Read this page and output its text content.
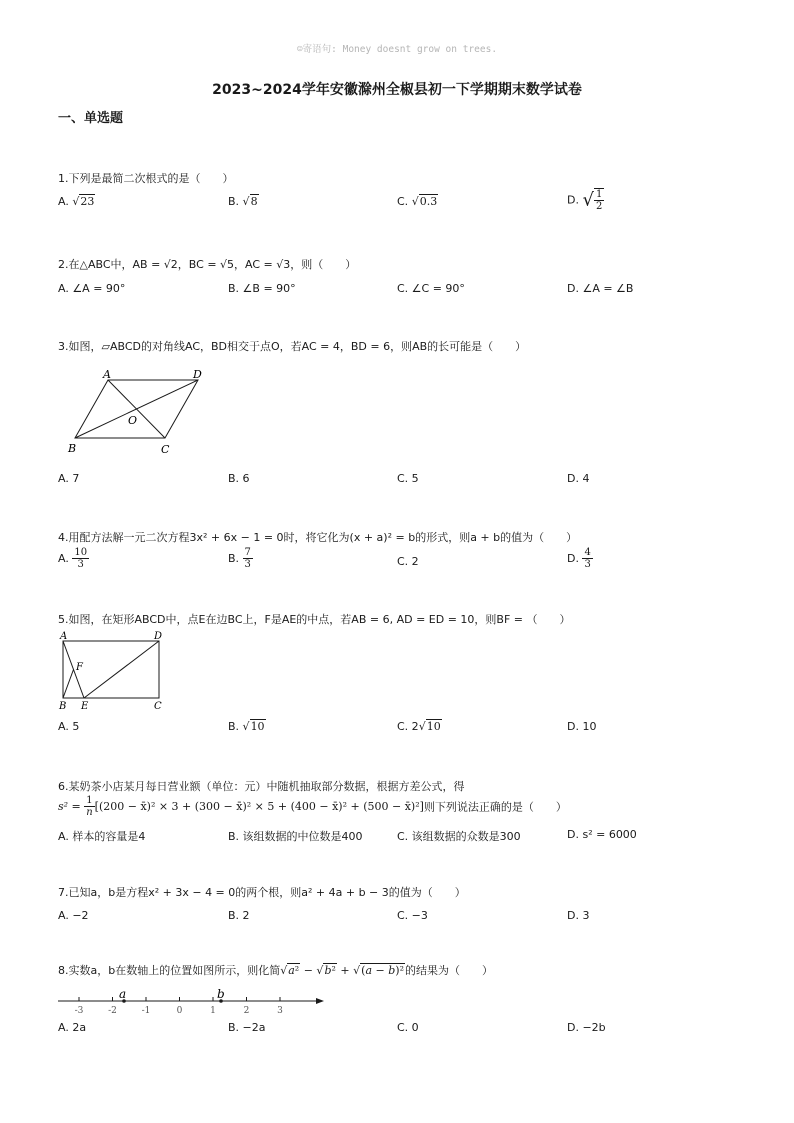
☺寄语句: Money doesnt grow on trees.
2023~2024学年安徽滁州全椒县初一下学期期末数学试卷
一、单选题
1.下列是最简二次根式的是（　　）
A. √23	B. √8	C. √0.3	D. √ $\frac{1}{2}$
2.在△ABC中，AB = √2，BC = √5，AC = √3，则（　　）
A. ∠A = 90°	B. ∠B = 90°	C. ∠C = 90°	D. ∠A = ∠B
3.如图，▱ABCD的对角线AC，BD相交于点O，若AC = 4，BD = 6，则AB的长可能是（　　）
A	D
B	C
O
A. 7	B. 6	C. 5	D. 4
4.用配方法解一元二次方程3x² + 6x − 1 = 0时，将它化为(x + a)² = b的形式，则a + b的值为（　　）
A. $\frac{10}{3}$	B. $\frac{7}{3}$	C. 2	D. $\frac{4}{3}$
5.如图，在矩形ABCD中，点E在边BC上，F是AE的中点，若AB = 6, AD = ED = 10，则BF = （　　）
A	D
F
B E	C
A. 5	B. √10	C. 2√10	D. 10
6.某奶茶小店某月每日营业额（单位：元）中随机抽取部分数据，根据方差公式，得
$s^2 = \frac{1}{n} [(200$ − x̄)² × 3 + (300 − x̄)² × 5 + (400 − x̄)² + (500 − x̄)²]则下列说法正确的是（　　）
A. 样本的容量是4	B. 该组数据的中位数是400	C. 该组数据的众数是300	D. s² = 6000
7.已知a，b是方程x² + 3x − 4 = 0的两个根，则a² + 4a + b − 3的值为（　　）
A. −2	B. 2	C. −3	D. 3
8.实数a，b在数轴上的位置如图所示，则化简√a² − √b² + √(a − b)²的结果为（　　）
-3	-2	-1	0	1	2	3
a	b
A. 2a	B. −2a	C. 0	D. −2b
